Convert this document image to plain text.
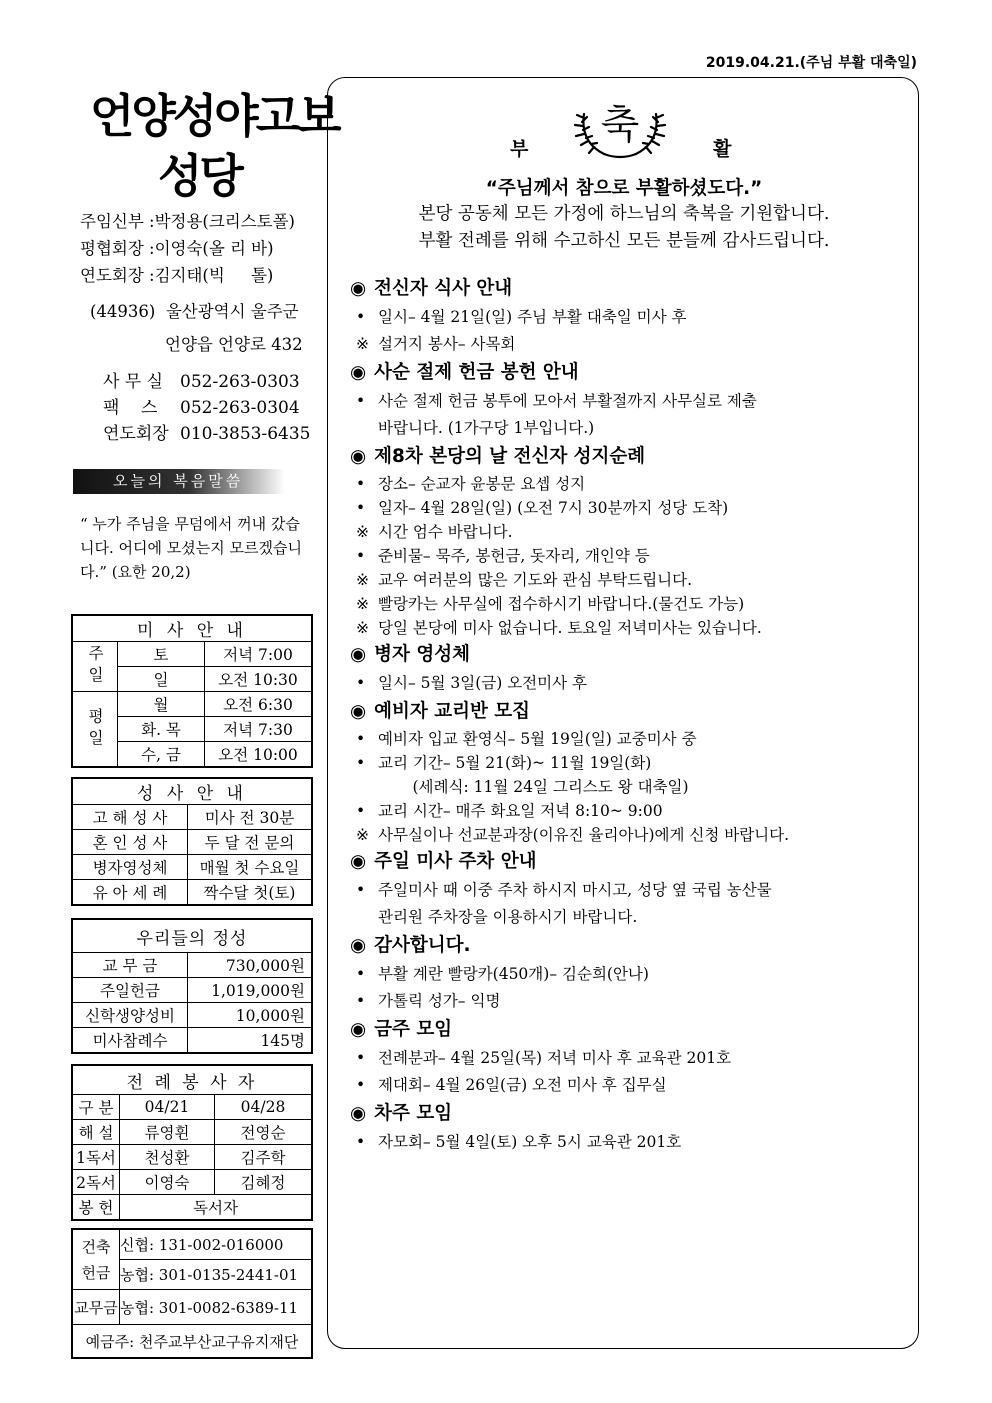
2019.04.21.(주님 부활 대축일)
언양성야고보
성당
주임신부 :박정용(크리스토폴)
평협회장 :이영숙(올 리 바)
연도회장 :김지태(빅     톨)
(44936)  울산광역시 울주군
언양읍 언양로 432
사 무 실 052-263-0303
팩    스 052-263-0304
연도회장 010-3853-6435
오늘의 복음말씀
“ 누가 주님을 무덤에서 꺼내 갔습니다. 어디에 모셨는지 모르겠습니다.” (요한 20,2)
미 사 안 내		
주일	토	저녁 7:00
	일	오전 10:30
평일	월	오전 6:30
	화. 목	저녁 7:30
	수, 금	오전 10:00
성 사 안 내	
고 해 성 사	미사 전 30분
혼 인 성 사	두 달 전 문의
병자영성체	매월 첫 수요일
유 아 세 례	짝수달 첫(토)
우리들의 정성	
교 무 금	730,000원
주일헌금	1,019,000원
신학생양성비	10,000원
미사참례수	145명
전 례 봉 사 자		
구 분	04/21	04/28
해 설	류영휜	전영순
1독서	천성환	김주학
2독서	이영숙	김혜정
봉 헌	독서자	
건축
헌금	신협: 131-002-016000
	농협: 301-0135-2441-01
교무금	농협: 301-0082-6389-11
예금주: 천주교부산교구유지재단	
축
부	활
“주님께서 참으로 부활하셨도다.”
본당 공동체 모든 가정에 하느님의 축복을 기원합니다.
부활 전례를 위해 수고하신 모든 분들께 감사드립니다.
◉ 전신자 식사 안내
• 일시– 4월 21일(일) 주님 부활 대축일 미사 후
※ 설거지 봉사– 사목회
◉ 사순 절제 헌금 봉헌 안내
• 사순 절제 헌금 봉투에 모아서 부활절까지 사무실로 제출
바랍니다. (1가구당 1부입니다.)
◉ 제8차 본당의 날 전신자 성지순례
• 장소– 순교자 윤봉문 요셉 성지
• 일자– 4월 28일(일) (오전 7시 30분까지 성당 도착)
※ 시간 엄수 바랍니다.
• 준비물– 묵주, 봉헌금, 돗자리, 개인약 등
※ 교우 여러분의 많은 기도와 관심 부탁드립니다.
※ 빨랑카는 사무실에 접수하시기 바랍니다.(물건도 가능)
※ 당일 본당에 미사 없습니다. 토요일 저녁미사는 있습니다.
◉ 병자 영성체
• 일시– 5월 3일(금) 오전미사 후
◉ 예비자 교리반 모집
• 예비자 입교 환영식– 5월 19일(일) 교중미사 중
• 교리 기간– 5월 21(화)~ 11월 19일(화)
(세례식: 11월 24일 그리스도 왕 대축일)
• 교리 시간– 매주 화요일 저녁 8:10~ 9:00
※ 사무실이나 선교분과장(이유진 율리아나)에게 신청 바랍니다.
◉ 주일 미사 주차 안내
• 주일미사 때 이중 주차 하시지 마시고, 성당 옆 국립 농산물
관리원 주차장을 이용하시기 바랍니다.
◉ 감사합니다.
• 부활 계란 빨랑카(450개)– 김순희(안나)
• 가톨릭 성가– 익명
◉ 금주 모임
• 전례분과– 4월 25일(목) 저녁 미사 후 교육관 201호
• 제대회– 4월 26일(금) 오전 미사 후 집무실
◉ 차주 모임
• 자모회– 5월 4일(토) 오후 5시 교육관 201호
